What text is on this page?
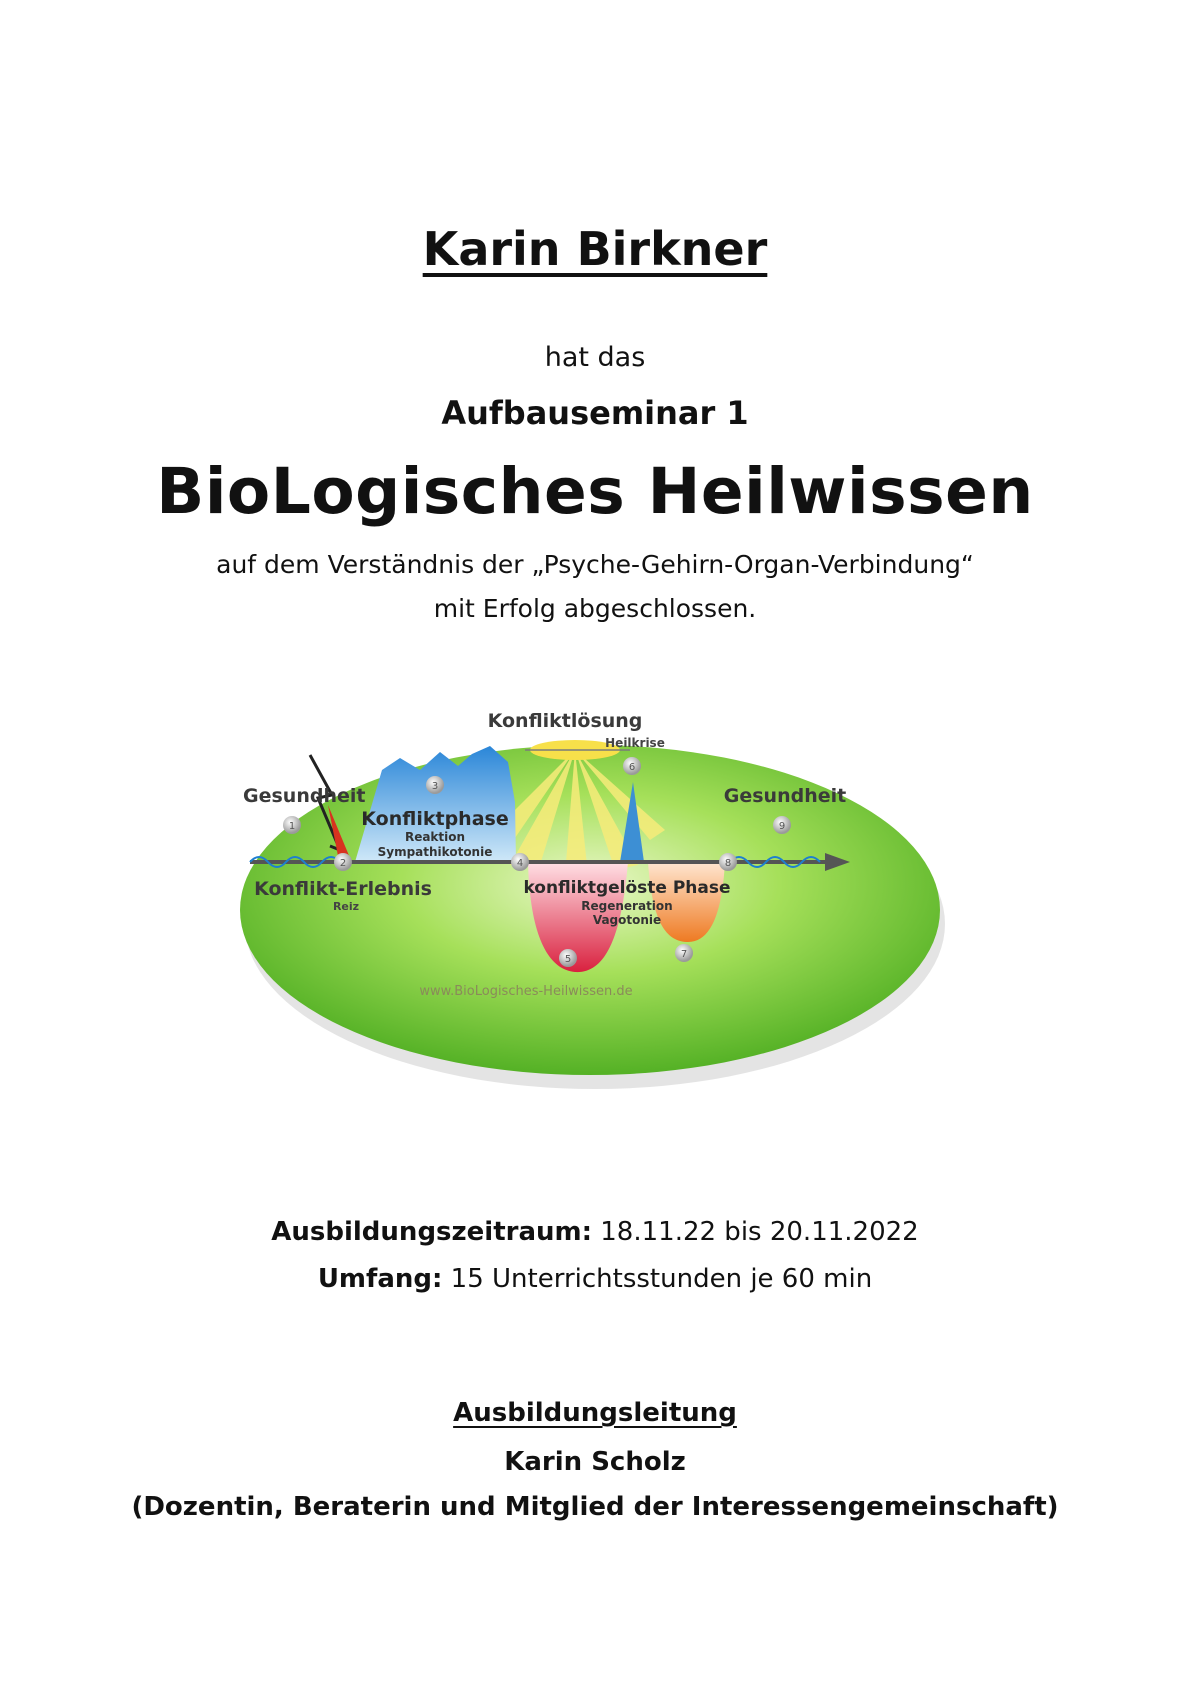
Karin Birkner
hat das
Aufbauseminar 1
BioLogisches Heilwissen
auf dem Verständnis der „Psyche-Gehirn-Organ-Verbindung“
mit Erfolg abgeschlossen.
1
2
3
4
5
6
7
8
9
Konfliktlösung
Heilkrise
Gesundheit	Gesundheit
Konfliktphase
Reaktion
Sympathikotonie
Konflikt-Erlebnis
Reiz
konfliktgelöste Phase
Regeneration
Vagotonie
www.BioLogisches-Heilwissen.de
Ausbildungszeitraum: 18.11.22 bis 20.11.2022
Umfang: 15 Unterrichtsstunden je 60 min
Ausbildungsleitung
Karin Scholz
(Dozentin, Beraterin und Mitglied der Interessengemeinschaft)
